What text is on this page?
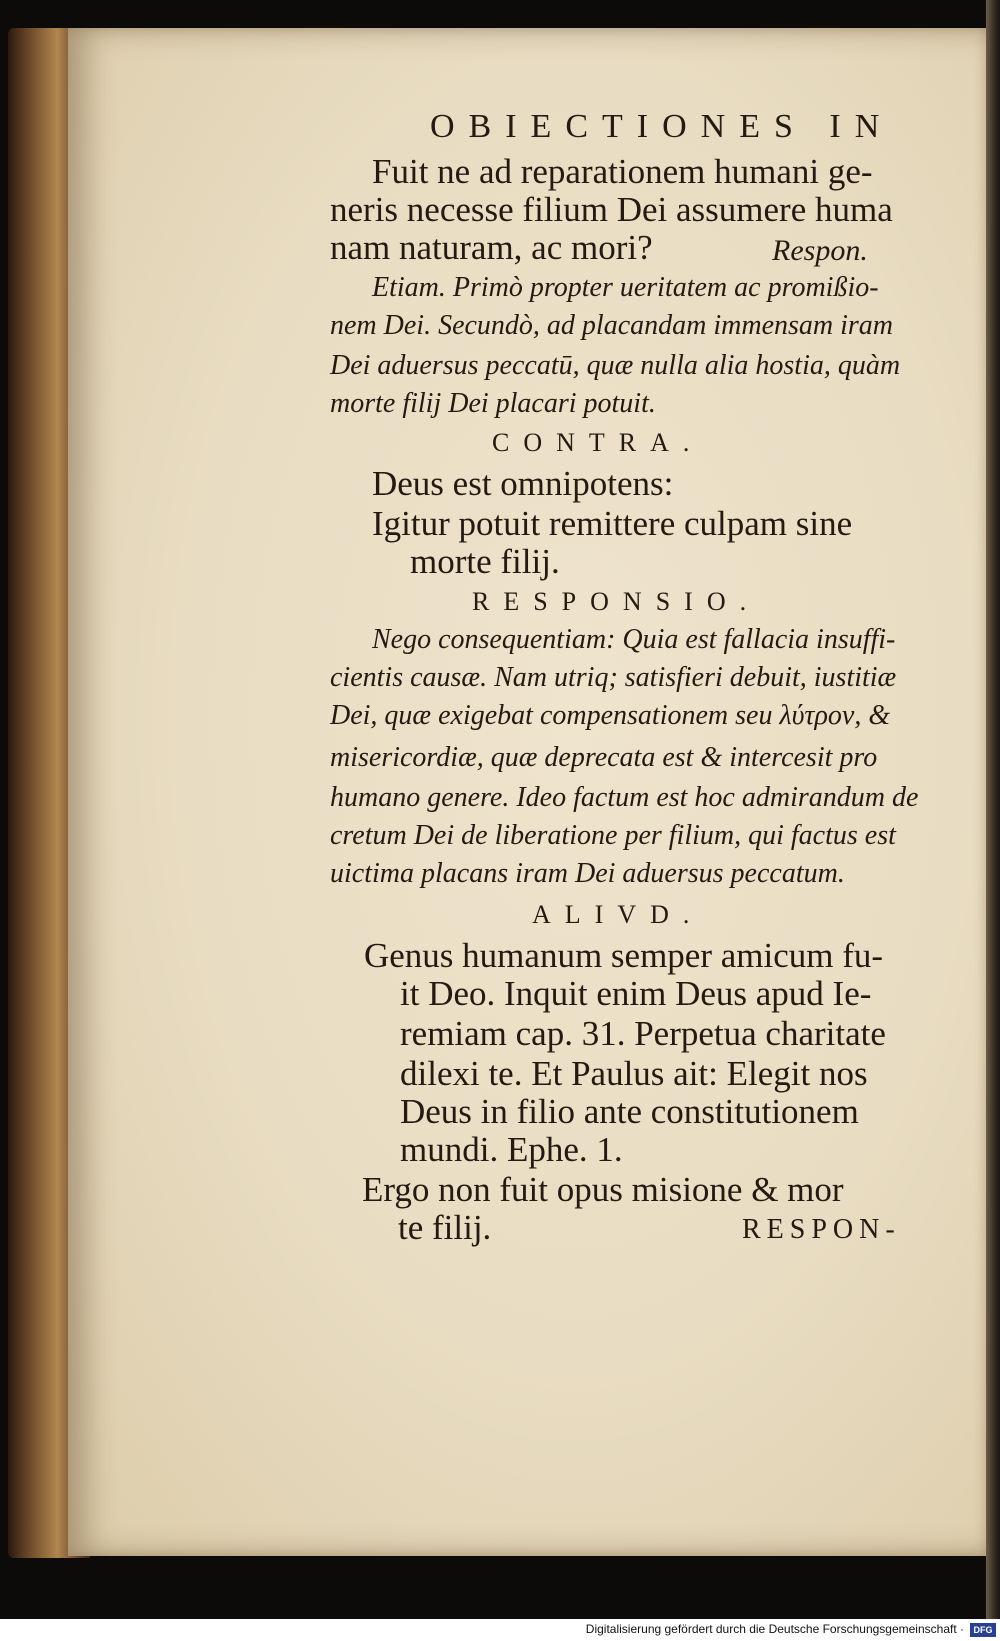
OBIECTIONES IN
Fuit ne ad reparationem humani ge-
neris necesse filium Dei assumere huma
nam naturam, ac mori?	Respon.
Etiam. Primò propter ueritatem ac promißio-
nem Dei. Secundò, ad placandam immensam iram
Dei aduersus peccatū, quæ nulla alia hostia, quàm
morte filij Dei placari potuit.
CONTRA.
Deus est omnipotens:
Igitur potuit remittere culpam sine
morte filij.
RESPONSIO.
Nego consequentiam: Quia est fallacia insuffi-
cientis causæ. Nam utriq; satisfieri debuit, iustitiæ
Dei, quæ exigebat compensationem seu λύτρον, &
misericordiæ, quæ deprecata est & intercesit pro
humano genere. Ideo factum est hoc admirandum de
cretum Dei de liberatione per filium, qui factus est
uictima placans iram Dei aduersus peccatum.
ALIVD.
Genus humanum semper amicum fu-
it Deo. Inquit enim Deus apud Ie-
remiam cap. 31. Perpetua charitate
dilexi te. Et Paulus ait: Elegit nos
Deus in filio ante constitutionem
mundi. Ephe. 1.
Ergo non fuit opus misione & mor
te filij.	RESPON-
Digitalisierung gefördert durch die Deutsche Forschungsgemeinschaft ·	DFG
